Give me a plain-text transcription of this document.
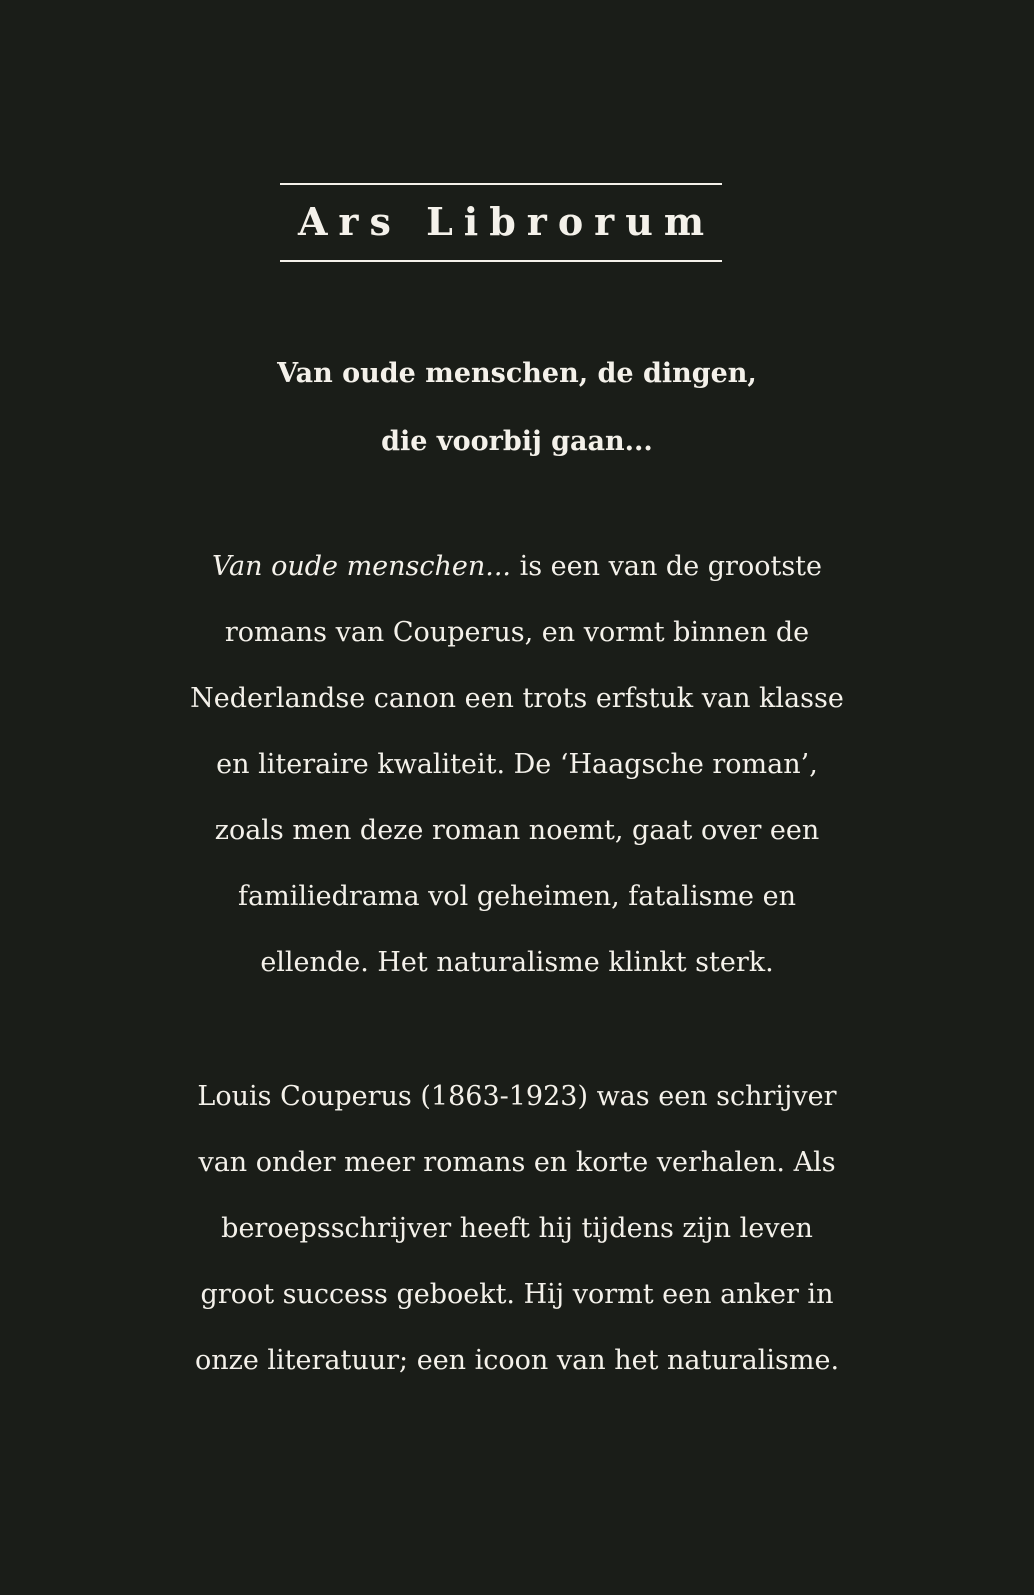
Ars Librorum
Van oude menschen, de dingen,
die voorbij gaan...
Van oude menschen... is een van de grootste
romans van Couperus, en vormt binnen de
Nederlandse canon een trots erfstuk van klasse
en literaire kwaliteit. De ‘Haagsche roman’,
zoals men deze roman noemt, gaat over een
familiedrama vol geheimen, fatalisme en
ellende. Het naturalisme klinkt sterk.
Louis Couperus (1863-1923) was een schrijver
van onder meer romans en korte verhalen. Als
beroepsschrijver heeft hij tijdens zijn leven
groot success geboekt. Hij vormt een anker in
onze literatuur; een icoon van het naturalisme.
